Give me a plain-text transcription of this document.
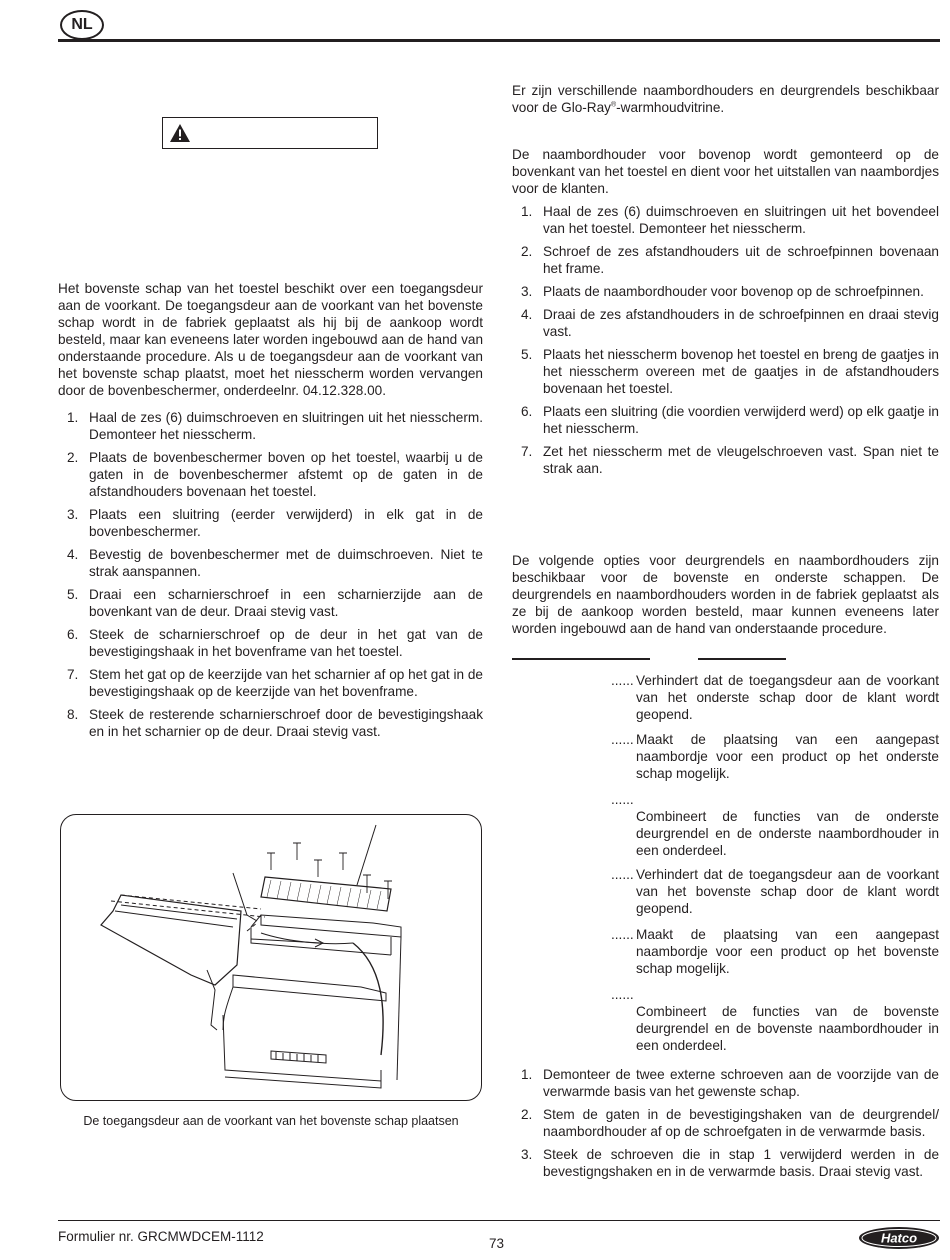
NL

Het bovenste schap van het toestel beschikt over een toegangsdeur aan de voorkant. De toegangsdeur aan de voorkant van het bovenste schap wordt in de fabriek geplaatst als hij bij de aankoop wordt besteld, maar kan eveneens later worden ingebouwd aan de hand van onderstaande procedure. Als u de toegangsdeur aan de voorkant van het bovenste schap plaatst, moet het niesscherm worden vervangen door de bovenbeschermer, onderdeelnr. 04.12.328.00.

1. Haal de zes (6) duimschroeven en sluitringen uit het niesscherm. Demonteer het niesscherm.
2. Plaats de bovenbeschermer boven op het toestel, waarbij u de gaten in de bovenbeschermer afstemt op de gaten in de afstandhouders bovenaan het toestel.
3. Plaats een sluitring (eerder verwijderd) in elk gat in de bovenbeschermer.
4. Bevestig de bovenbeschermer met de duimschroeven. Niet te strak aanspannen.
5. Draai een scharnierschroef in een scharnierzijde aan de bovenkant van de deur. Draai stevig vast.
6. Steek de scharnierschroef op de deur in het gat van de bevestigingshaak in het bovenframe van het toestel.
7. Stem het gat op de keerzijde van het scharnier af op het gat in de bevestigingshaak op de keerzijde van het bovenframe.
8. Steek de resterende scharnierschroef door de bevestigingshaak en in het scharnier op de deur. Draai stevig vast.
De toegangsdeur aan de voorkant van het bovenste schap plaatsen

Er zijn verschillende naambordhouders en deurgrendels beschikbaar voor de Glo-Ray®-warmhoudvitrine.

De naambordhouder voor bovenop wordt gemonteerd op de bovenkant van het toestel en dient voor het uitstallen van naambordjes voor de klanten.

1. Haal de zes (6) duimschroeven en sluitringen uit het bovendeel van het toestel. Demonteer het niesscherm.
2. Schroef de zes afstandhouders uit de schroefpinnen bovenaan het frame.
3. Plaats de naambordhouder voor bovenop op de schroefpinnen.
4. Draai de zes afstandhouders in de schroefpinnen en draai stevig vast.
5. Plaats het niesscherm bovenop het toestel en breng de gaatjes in het niesscherm overeen met de gaatjes in de afstandhouders bovenaan het toestel.
6. Plaats een sluitring (die voordien verwijderd werd) op elk gaatje in het niesscherm.
7. Zet het niesscherm met de vleugelschroeven vast. Span niet te strak aan.

De volgende opties voor deurgrendels en naambordhouders zijn beschikbaar voor de bovenste en onderste schappen. De deurgrendels en naambordhouders worden in de fabriek geplaatst als ze bij de aankoop worden besteld, maar kunnen eveneens later worden ingebouwd aan de hand van onderstaande procedure.

...... Verhindert dat de toegangsdeur aan de voorkant van het onderste schap door de klant wordt geopend.
...... Maakt de plaatsing van een aangepast naambordje voor een product op het onderste schap mogelijk.
......
Combineert de functies van de onderste deurgrendel en de onderste naambordhouder in een onderdeel.
...... Verhindert dat de toegangsdeur aan de voorkant van het bovenste schap door de klant wordt geopend.
...... Maakt de plaatsing van een aangepast naambordje voor een product op het bovenste schap mogelijk.
......
Combineert de functies van de bovenste deurgrendel en de bovenste naambordhouder in een onderdeel.
1. Demonteer de twee externe schroeven aan de voorzijde van de verwarmde basis van het gewenste schap.
2. Stem de gaten in de bevestigingshaken van de deurgrendel/ naambordhouder af op de schroefgaten in de verwarmde basis.
3. Steek de schroeven die in stap 1 verwijderd werden in de bevestigngshaken en in de verwarmde basis. Draai stevig vast.
Formulier nr. GRCMWDCEM-1112	73	Hatco
